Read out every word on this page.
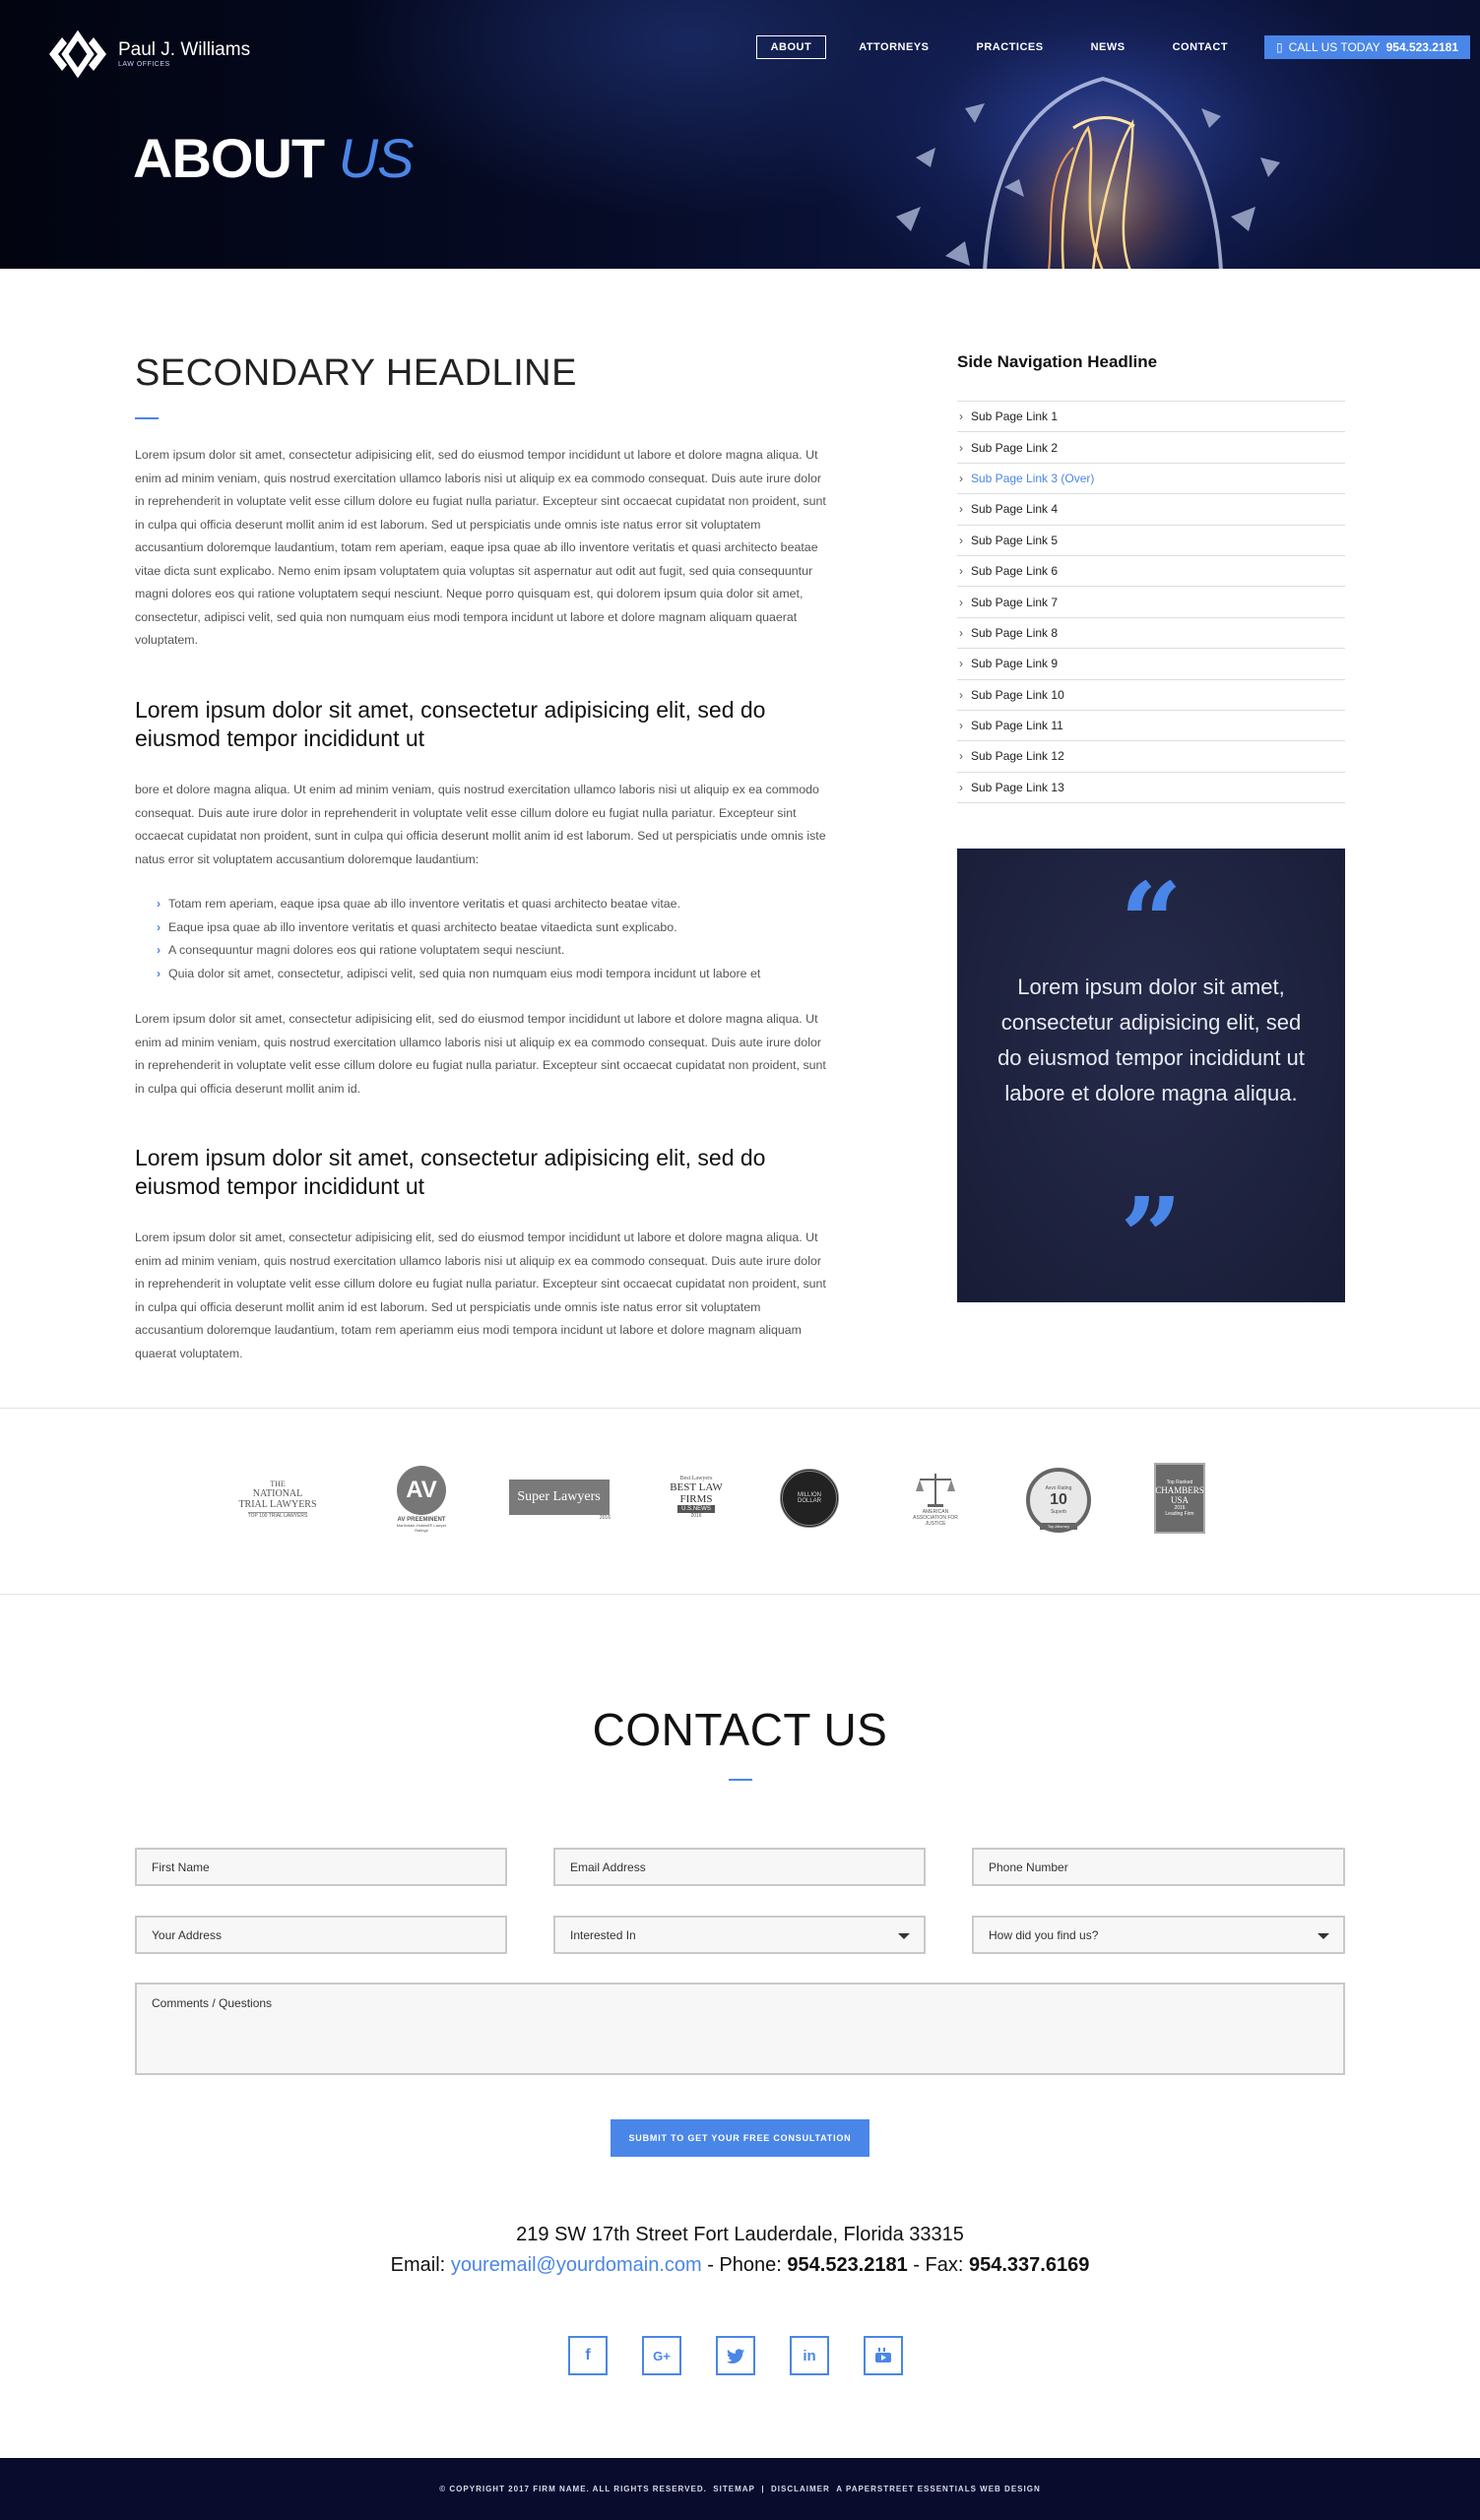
Paul J. Williams
LAW OFFICES
ABOUT	ATTORNEYS	PRACTICES	NEWS	CONTACT	▯ CALL US TODAY 954.523.2181
ABOUT US
SECONDARY HEADLINE

Lorem ipsum dolor sit amet, consectetur adipisicing elit, sed do eiusmod tempor incididunt ut labore et dolore magna aliqua. Ut enim ad minim veniam, quis nostrud exercitation ullamco laboris nisi ut aliquip ex ea commodo consequat. Duis aute irure dolor in reprehenderit in voluptate velit esse cillum dolore eu fugiat nulla pariatur. Excepteur sint occaecat cupidatat non proident, sunt in culpa qui officia deserunt mollit anim id est laborum. Sed ut perspiciatis unde omnis iste natus error sit voluptatem accusantium doloremque laudantium, totam rem aperiam, eaque ipsa quae ab illo inventore veritatis et quasi architecto beatae vitae dicta sunt explicabo. Nemo enim ipsam voluptatem quia voluptas sit aspernatur aut odit aut fugit, sed quia consequuntur magni dolores eos qui ratione voluptatem sequi nesciunt. Neque porro quisquam est, qui dolorem ipsum quia dolor sit amet, consectetur, adipisci velit, sed quia non numquam eius modi tempora incidunt ut labore et dolore magnam aliquam quaerat voluptatem.

Lorem ipsum dolor sit amet, consectetur adipisicing elit, sed do eiusmod tempor incididunt ut

bore et dolore magna aliqua. Ut enim ad minim veniam, quis nostrud exercitation ullamco laboris nisi ut aliquip ex ea commodo consequat. Duis aute irure dolor in reprehenderit in voluptate velit esse cillum dolore eu fugiat nulla pariatur. Excepteur sint occaecat cupidatat non proident, sunt in culpa qui officia deserunt mollit anim id est laborum. Sed ut perspiciatis unde omnis iste natus error sit voluptatem accusantium doloremque laudantium:

› Totam rem aperiam, eaque ipsa quae ab illo inventore veritatis et quasi architecto beatae vitae.
› Eaque ipsa quae ab illo inventore veritatis et quasi architecto beatae vitaedicta sunt explicabo.
› A consequuntur magni dolores eos qui ratione voluptatem sequi nesciunt.
› Quia dolor sit amet, consectetur, adipisci velit, sed quia non numquam eius modi tempora incidunt ut labore et

Lorem ipsum dolor sit amet, consectetur adipisicing elit, sed do eiusmod tempor incididunt ut labore et dolore magna aliqua. Ut enim ad minim veniam, quis nostrud exercitation ullamco laboris nisi ut aliquip ex ea commodo consequat. Duis aute irure dolor in reprehenderit in voluptate velit esse cillum dolore eu fugiat nulla pariatur. Excepteur sint occaecat cupidatat non proident, sunt in culpa qui officia deserunt mollit anim id.

Lorem ipsum dolor sit amet, consectetur adipisicing elit, sed do eiusmod tempor incididunt ut

Lorem ipsum dolor sit amet, consectetur adipisicing elit, sed do eiusmod tempor incididunt ut labore et dolore magna aliqua. Ut enim ad minim veniam, quis nostrud exercitation ullamco laboris nisi ut aliquip ex ea commodo consequat. Duis aute irure dolor in reprehenderit in voluptate velit esse cillum dolore eu fugiat nulla pariatur. Excepteur sint occaecat cupidatat non proident, sunt in culpa qui officia deserunt mollit anim id est laborum. Sed ut perspiciatis unde omnis iste natus error sit voluptatem accusantium doloremque laudantium, totam rem aperiamm eius modi tempora incidunt ut labore et dolore magnam aliquam quaerat voluptatem.

Side Navigation Headline
› Sub Page Link 1
› Sub Page Link 2
› Sub Page Link 3 (Over)
› Sub Page Link 4
› Sub Page Link 5
› Sub Page Link 6
› Sub Page Link 7
› Sub Page Link 8
› Sub Page Link 9
› Sub Page Link 10
› Sub Page Link 11
› Sub Page Link 12
› Sub Page Link 13
“
Lorem ipsum dolor sit amet, consectetur adipisicing elit, sed do eiusmod tempor incididunt ut labore et dolore magna aliqua.
”
THE
NATIONAL TRIAL LAWYERS
TOP 100 TRIAL LAWYERS
AV
AV PREEMINENT
Martindale-Hubbell® Lawyer Ratings
Super Lawyers
2016
Best Lawyers
BEST LAW FIRMS
U.S.NEWS
2016
MILLION DOLLAR
AMERICAN ASSOCIATION FOR JUSTICE
Avvo Rating
10
Superb
Top Attorney
Top Ranked
CHAMBERS USA
2016
Leading Firm
CONTACT US
First Name	Email Address	Phone Number
Your Address	Interested In	How did you find us?
Comments / Questions
SUBMIT TO GET YOUR FREE CONSULTATION
219 SW 17th Street Fort Lauderdale, Florida 33315
Email: youremail@yourdomain.com - Phone: 954.523.2181 - Fax: 954.337.6169
f	G+	in
© COPYRIGHT 2017 FIRM NAME. ALL RIGHTS RESERVED.
SITEMAP
|
DISCLAIMER
A PAPERSTREET ESSENTIALS WEB DESIGN
